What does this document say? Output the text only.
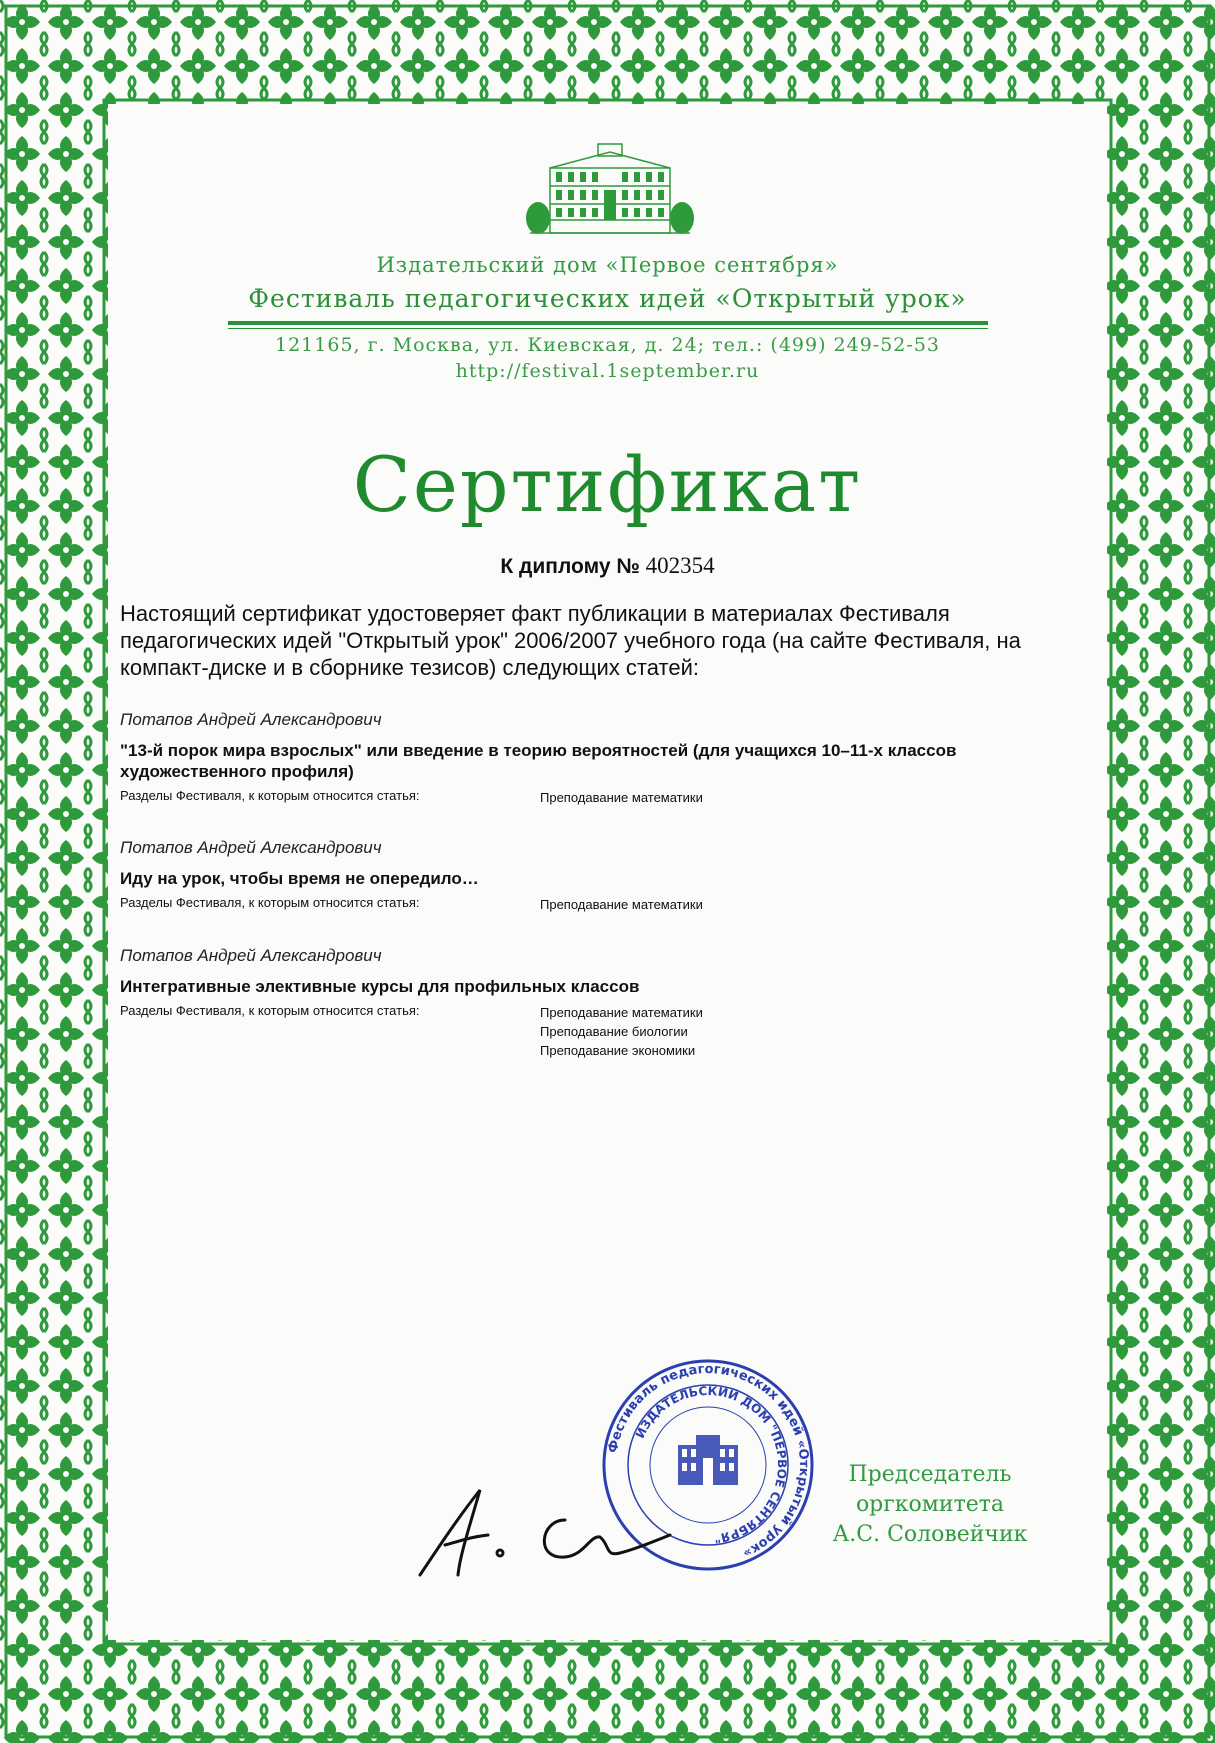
Издательский дом «Первое сентября»
Фестиваль педагогических идей «Открытый урок»
121165, г. Москва, ул. Киевская, д. 24; тел.: (499) 249-52-53
http://festival.1september.ru
Сертификат
К диплому № 402354
Настоящий сертификат удостоверяет факт публикации в материалах Фестиваля педагогических идей "Открытый урок" 2006/2007 учебного года (на сайте Фестиваля, на компакт-диске и в сборнике тезисов) следующих статей:
Потапов Андрей Александрович
"13-й порок мира взрослых" или введение в теорию вероятностей (для учащихся 10–11-х классов художественного профиля)
Разделы Фестиваля, к которым относится статья:	Преподавание математики
Потапов Андрей Александрович
Иду на урок, чтобы время не опередило…
Разделы Фестиваля, к которым относится статья:	Преподавание математики
Потапов Андрей Александрович
Интегративные элективные курсы для профильных классов
Разделы Фестиваля, к которым относится статья:	Преподавание математики
Преподавание биологии
Преподавание экономики
Фестиваль педагогических идей «Открытый урок»
ИЗДАТЕЛЬСКИЙ ДОМ "ПЕРВОЕ СЕНТЯБРЯ"
Председатель
оргкомитета
А.С. Соловейчик
